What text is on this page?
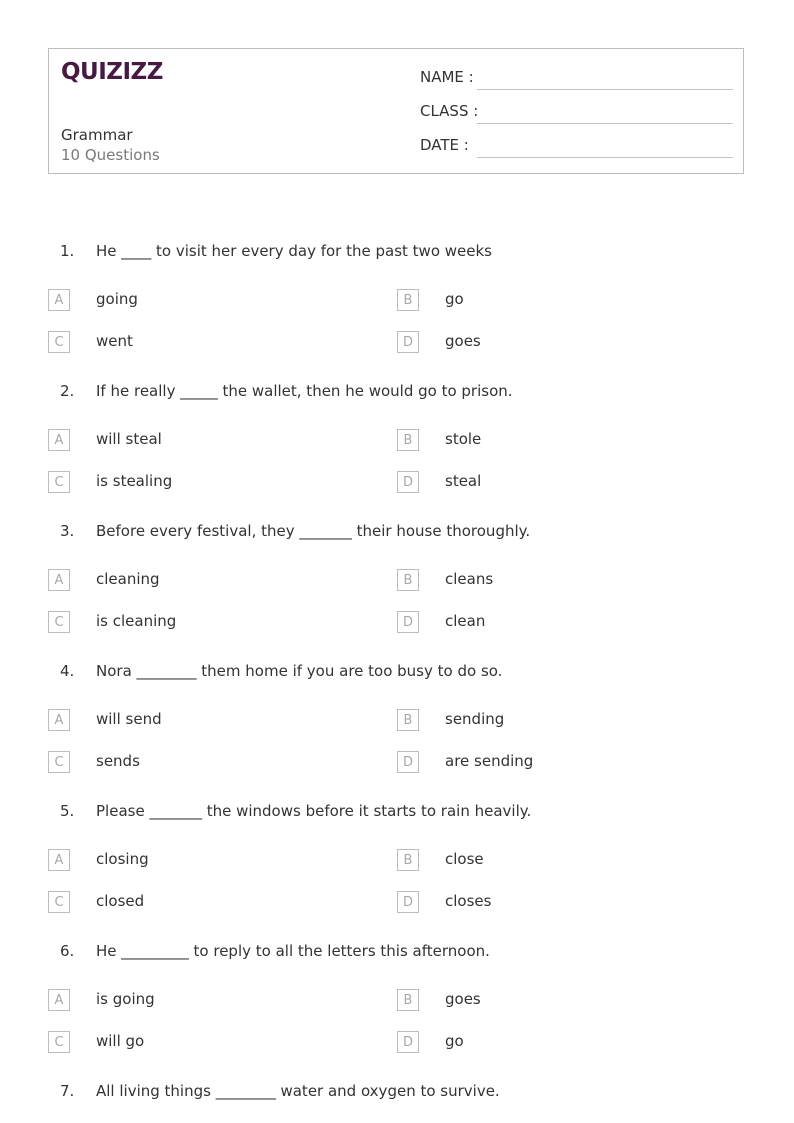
QUIZIZZ
Grammar
10 Questions
NAME :
CLASS :
DATE :
1. He ____ to visit her every day for the past two weeks
A	going	B	go
C	went	D	goes
2. If he really _____ the wallet, then he would go to prison.
A	will steal	B	stole
C	is stealing	D	steal
3. Before every festival, they _______ their house thoroughly.
A	cleaning	B	cleans
C	is cleaning	D	clean
4. Nora ________ them home if you are too busy to do so.
A	will send	B	sending
C	sends	D	are sending
5. Please _______ the windows before it starts to rain heavily.
A	closing	B	close
C	closed	D	closes
6. He _________ to reply to all the letters this afternoon.
A	is going	B	goes
C	will go	D	go
7. All living things ________ water and oxygen to survive.
